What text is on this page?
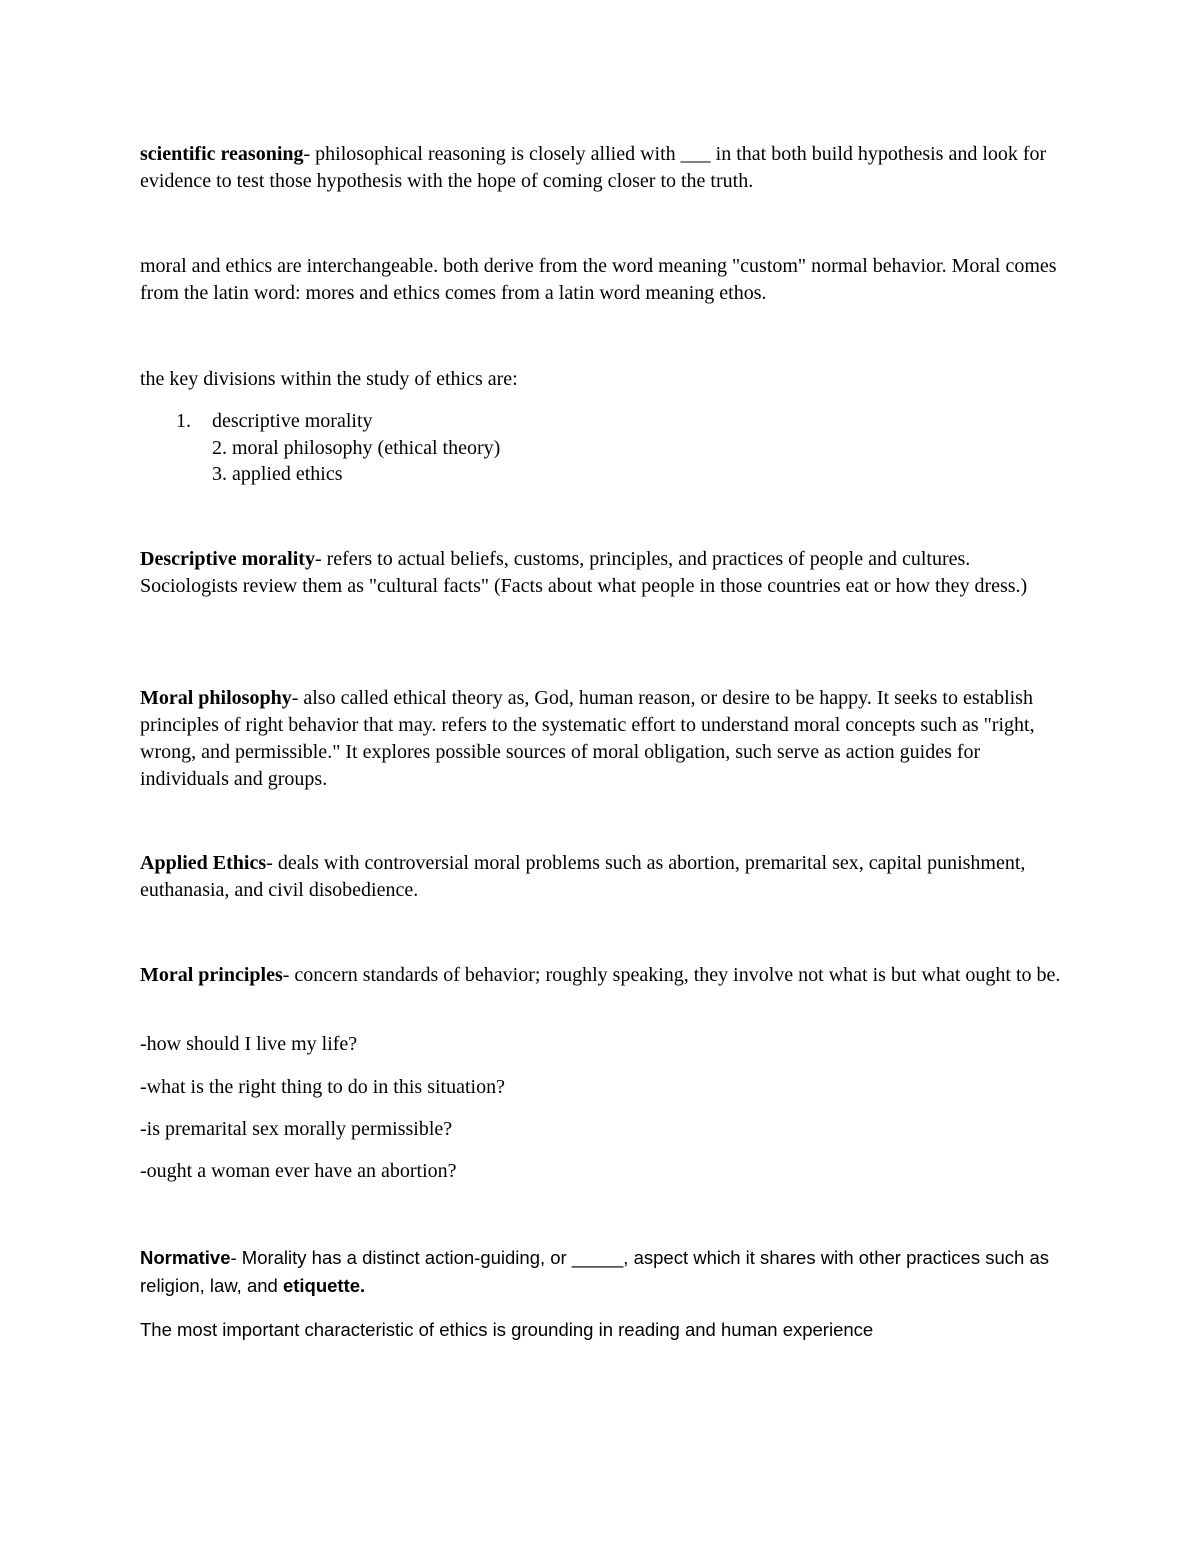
scientific reasoning- philosophical reasoning is closely allied with ___ in that both build hypothesis and look for evidence to test those hypothesis with the hope of coming closer to the truth.

moral and ethics are interchangeable. both derive from the word meaning "custom" normal behavior. Moral comes from the latin word: mores and ethics comes from a latin word meaning ethos.

the key divisions within the study of ethics are:

1. descriptive morality

2. moral philosophy (ethical theory)

3. applied ethics

Descriptive morality- refers to actual beliefs, customs, principles, and practices of people and cultures. Sociologists review them as "cultural facts" (Facts about what people in those countries eat or how they dress.)

Moral philosophy- also called ethical theory as, God, human reason, or desire to be happy. It seeks to establish principles of right behavior that may. refers to the systematic effort to understand moral concepts such as "right, wrong, and permissible." It explores possible sources of moral obligation, such serve as action guides for individuals and groups.

Applied Ethics- deals with controversial moral problems such as abortion, premarital sex, capital punishment, euthanasia, and civil disobedience.

Moral principles- concern standards of behavior; roughly speaking, they involve not what is but what ought to be.

-how should I live my life?

-what is the right thing to do in this situation?

-is premarital sex morally permissible?

-ought a woman ever have an abortion?

Normative- Morality has a distinct action-guiding, or _____, aspect which it shares with other practices such as religion, law, and etiquette.

The most important characteristic of ethics is grounding in reading and human experience
